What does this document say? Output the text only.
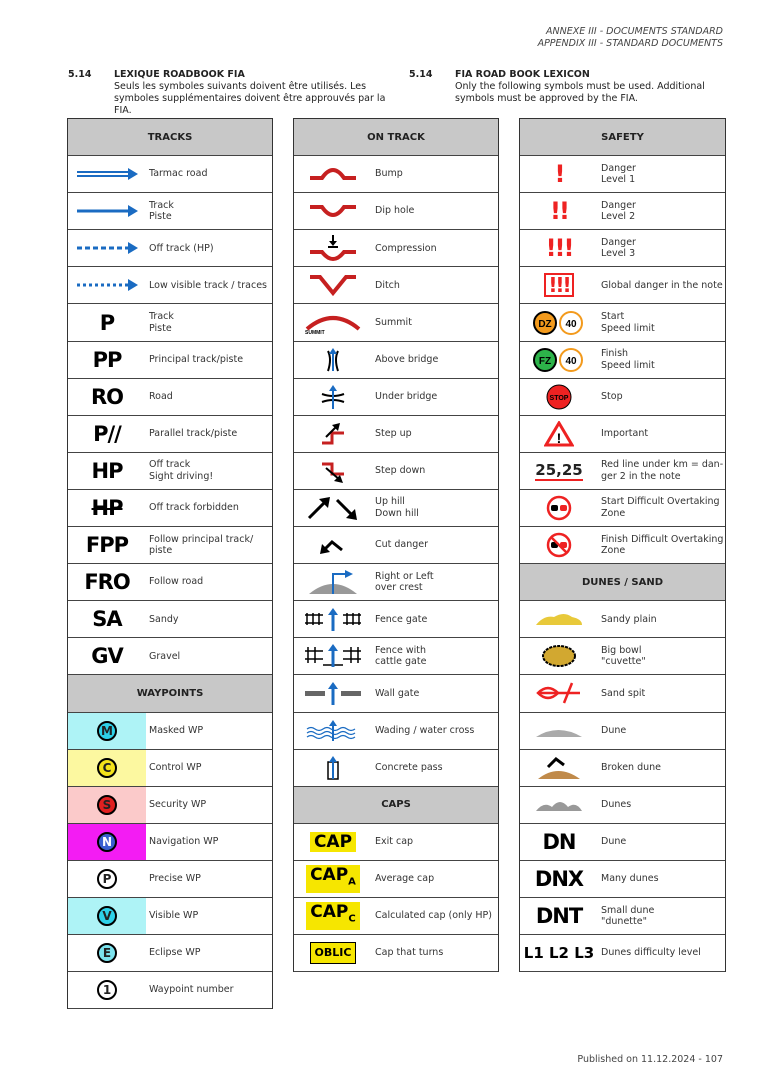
ANNEXE III - DOCUMENTS STANDARD
APPENDIX III - STANDARD DOCUMENTS
5.14 LEXIQUE ROADBOOK FIA
Seuls les symboles suivants doivent être utilisés. Les symboles supplémentaires doivent être approuvés par la FIA.
5.14 FIA ROAD BOOK LEXICON
Only the following symbols must be used. Additional symbols must be approved by the FIA.
TRACKS
Tarmac road
Track
Piste
Off track (HP)
Low visible track / traces
P	Track
Piste
PP	Principal track/piste
RO	Road
P//	Parallel track/piste
HP	Off track
Sight driving!
HP	Off track forbidden
FPP	Follow principal track/
piste
FRO	Follow road
SA	Sandy
GV	Gravel
WAYPOINTS
M	Masked WP
C	Control WP
S	Security WP
N	Navigation WP
P	Precise WP
V	Visible WP
E	Eclipse WP
1	Waypoint number
ON TRACK
Bump
Dip hole
Compression
Ditch
SUMMIT
Summit
Above bridge
Under bridge
Step up
Step down
Up hill
Down hill
Cut danger
Right or Left
over crest
Fence gate
Fence with
cattle gate
Wall gate
Wading / water cross
Concrete pass
CAPS
CAP	Exit cap
$CAP_A$	Average cap
$CAP_C$	Calculated cap (only HP)
OBLIC	Cap that turns
SAFETY
!	Danger
Level 1
!!	Danger
Level 2
!!!	Danger
Level 3
!!!	Global danger in the note
DZ 40
Start
Speed limit
FZ 40
Finish
Speed limit
STOP	Stop
!	Important
25,25	Red line under km = dan-
ger 2 in the note
Start Difficult Overtaking
Zone
Finish Difficult Overtaking
Zone
DUNES / SAND
Sandy plain
Big bowl
"cuvette"
Sand spit
Dune
Broken dune
Dunes
DN	Dune
DNX	Many dunes
DNT	Small dune
"dunette"
L1 L2 L3 Dunes difficulty level
Published on 11.12.2024 - 107
